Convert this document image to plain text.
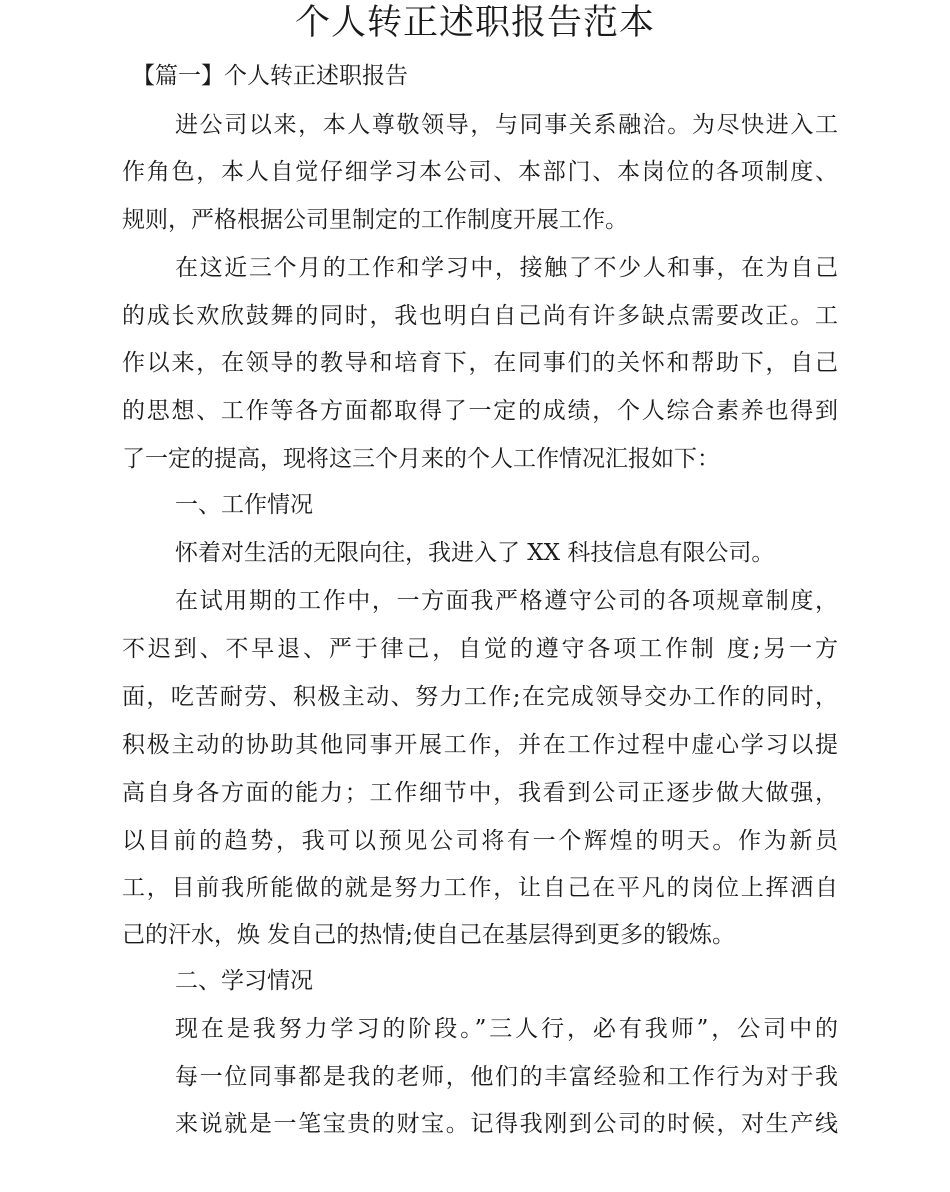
个人转正述职报告范本
【篇一】个人转正述职报告

进公司以来，本人尊敬领导，与同事关系融洽。为尽快进入工

作角色，本人自觉仔细学习本公司、本部门、本岗位的各项制度、

规则，严格根据公司里制定的工作制度开展工作。

在这近三个月的工作和学习中，接触了不少人和事，在为自己

的成长欢欣鼓舞的同时，我也明白自己尚有许多缺点需要改正。工

作以来，在领导的教导和培育下，在同事们的关怀和帮助下，自己

的思想、工作等各方面都取得了一定的成绩，个人综合素养也得到

了一定的提高，现将这三个月来的个人工作情况汇报如下：

一、工作情况

怀着对生活的无限向往，我进入了 XX 科技信息有限公司。

在试用期的工作中，一方面我严格遵守公司的各项规章制度，

不迟到、不早退、严于律己，自觉的遵守各项工作制 度;另一方

面，吃苦耐劳、积极主动、努力工作;在完成领导交办工作的同时，

积极主动的协助其他同事开展工作，并在工作过程中虚心学习以提

高自身各方面的能力；工作细节中，我看到公司正逐步做大做强，

以目前的趋势，我可以预见公司将有一个辉煌的明天。作为新员

工，目前我所能做的就是努力工作，让自己在平凡的岗位上挥洒自

己的汗水，焕 发自己的热情;使自己在基层得到更多的锻炼。

二、学习情况

现在是我努力学习的阶段。”三人行，必有我师”，公司中的

每一位同事都是我的老师，他们的丰富经验和工作行为对于我

来说就是一笔宝贵的财宝。记得我刚到公司的时候，对生产线
